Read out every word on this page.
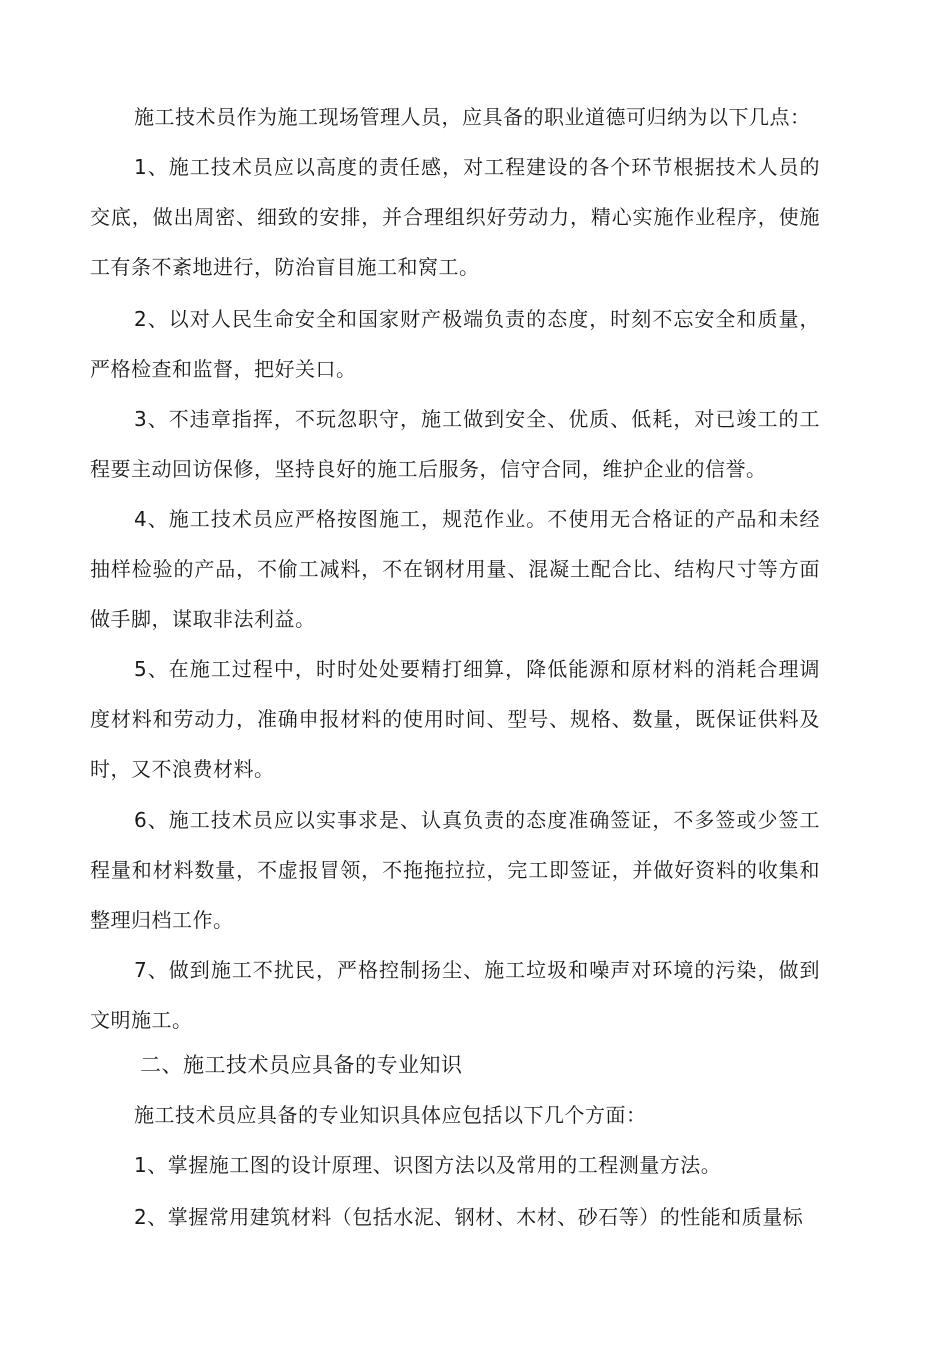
施工技术员作为施工现场管理人员，应具备的职业道德可归纳为以下几点：

1、施工技术员应以高度的责任感，对工程建设的各个环节根据技术人员的交底，做出周密、细致的安排，并合理组织好劳动力，精心实施作业程序，使施工有条不紊地进行，防治盲目施工和窝工。

2、以对人民生命安全和国家财产极端负责的态度，时刻不忘安全和质量，严格检查和监督，把好关口。

3、不违章指挥，不玩忽职守，施工做到安全、优质、低耗，对已竣工的工程要主动回访保修，坚持良好的施工后服务，信守合同，维护企业的信誉。

4、施工技术员应严格按图施工，规范作业。不使用无合格证的产品和未经抽样检验的产品，不偷工减料，不在钢材用量、混凝土配合比、结构尺寸等方面做手脚，谋取非法利益。

5、在施工过程中，时时处处要精打细算，降低能源和原材料的消耗合理调度材料和劳动力，准确申报材料的使用时间、型号、规格、数量，既保证供料及时，又不浪费材料。

6、施工技术员应以实事求是、认真负责的态度准确签证，不多签或少签工程量和材料数量，不虚报冒领，不拖拖拉拉，完工即签证，并做好资料的收集和整理归档工作。

7、做到施工不扰民，严格控制扬尘、施工垃圾和噪声对环境的污染，做到文明施工。

二、施工技术员应具备的专业知识

施工技术员应具备的专业知识具体应包括以下几个方面：

1、掌握施工图的设计原理、识图方法以及常用的工程测量方法。

2、掌握常用建筑材料（包括水泥、钢材、木材、砂石等）的性能和质量标
